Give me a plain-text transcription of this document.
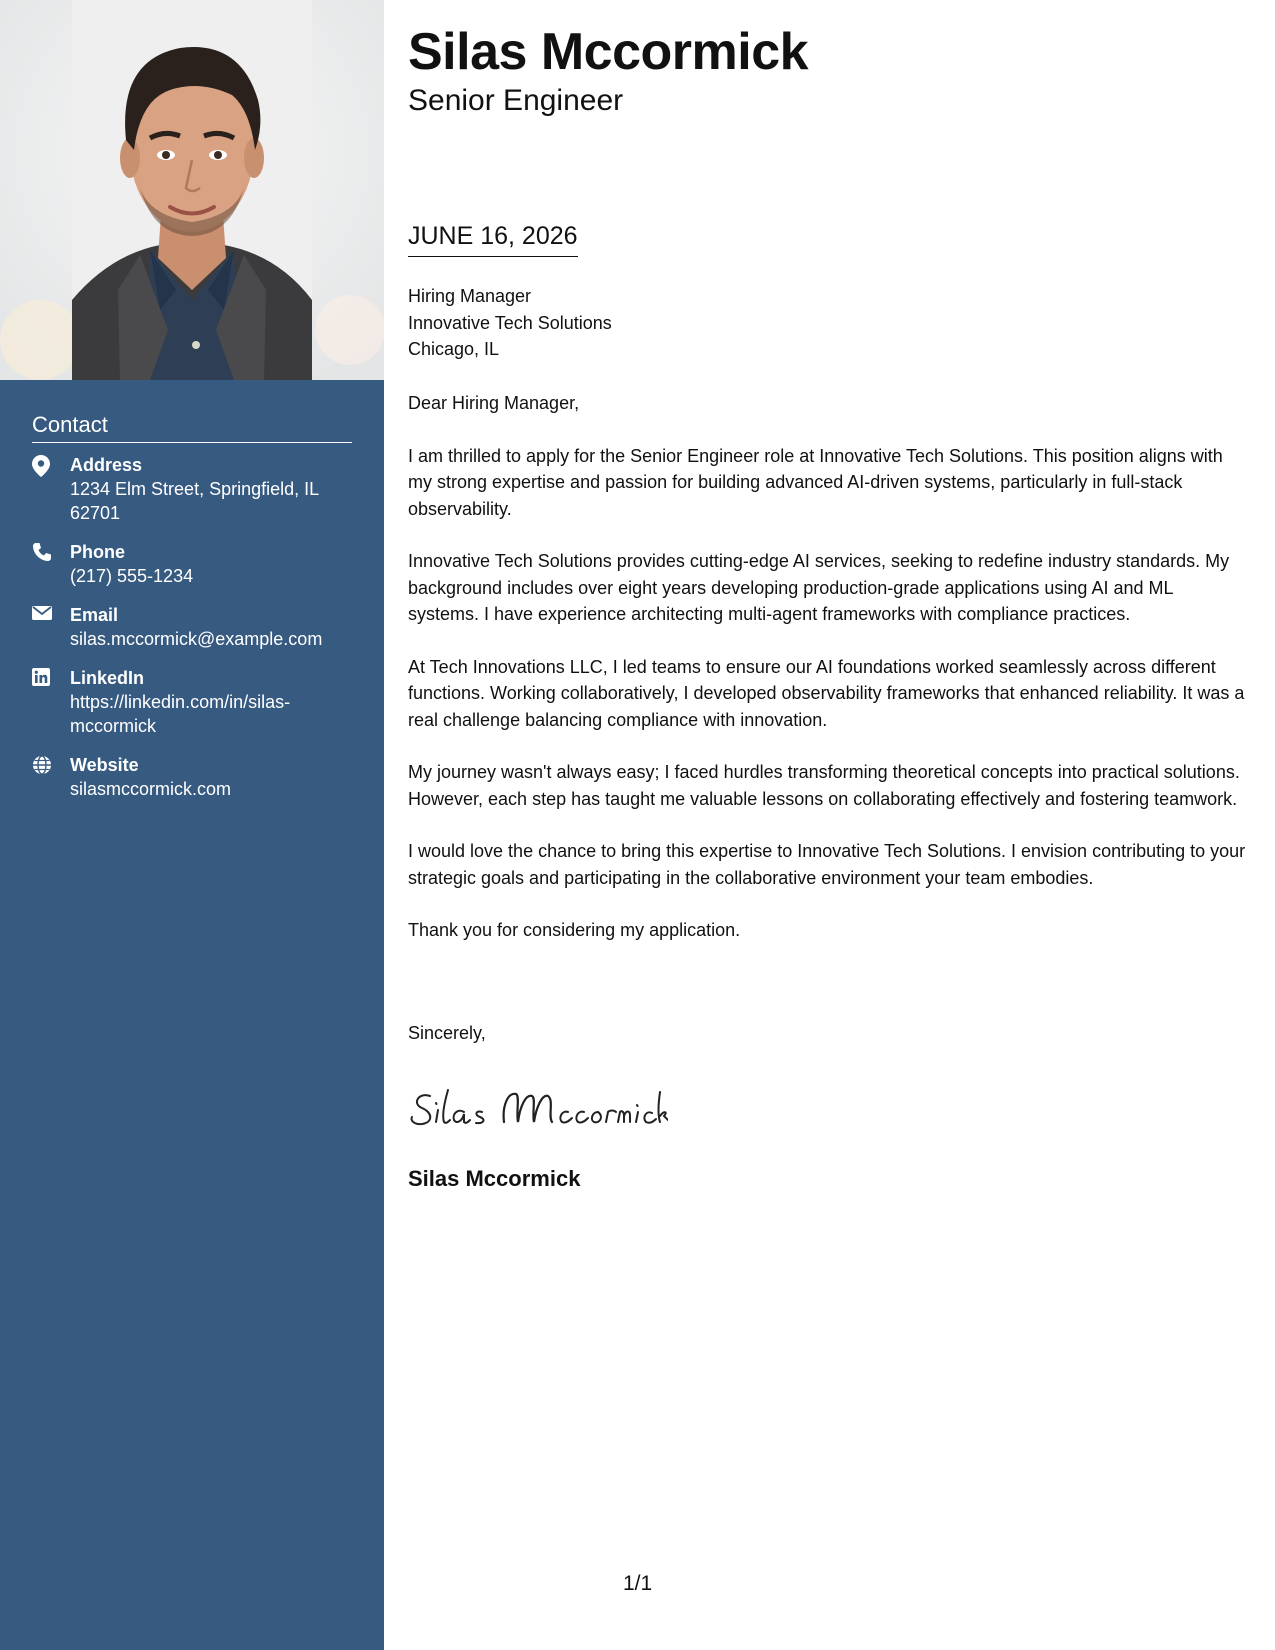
Contact
Address
1234 Elm Street, Springfield, IL 62701
Phone
(217) 555-1234
Email
silas.mccormick@example.com
LinkedIn
https://linkedin.com/in/silas-mccormick
Website
silasmccormick.com
Silas Mccormick
Senior Engineer
JUNE 16, 2026
Hiring Manager
Innovative Tech Solutions
Chicago, IL

Dear Hiring Manager,

I am thrilled to apply for the Senior Engineer role at Innovative Tech Solutions. This position aligns with my strong expertise and passion for building advanced AI-driven systems, particularly in full-stack observability.

Innovative Tech Solutions provides cutting-edge AI services, seeking to redefine industry standards. My background includes over eight years developing production-grade applications using AI and ML systems. I have experience architecting multi-agent frameworks with compliance practices.

At Tech Innovations LLC, I led teams to ensure our AI foundations worked seamlessly across different functions. Working collaboratively, I developed observability frameworks that enhanced reliability. It was a real challenge balancing compliance with innovation.

My journey wasn't always easy; I faced hurdles transforming theoretical concepts into practical solutions. However, each step has taught me valuable lessons on collaborating effectively and fostering teamwork.

I would love the chance to bring this expertise to Innovative Tech Solutions. I envision contributing to your strategic goals and participating in the collaborative environment your team embodies.

Thank you for considering my application.

Sincerely,
Silas Mccormick
1/1
